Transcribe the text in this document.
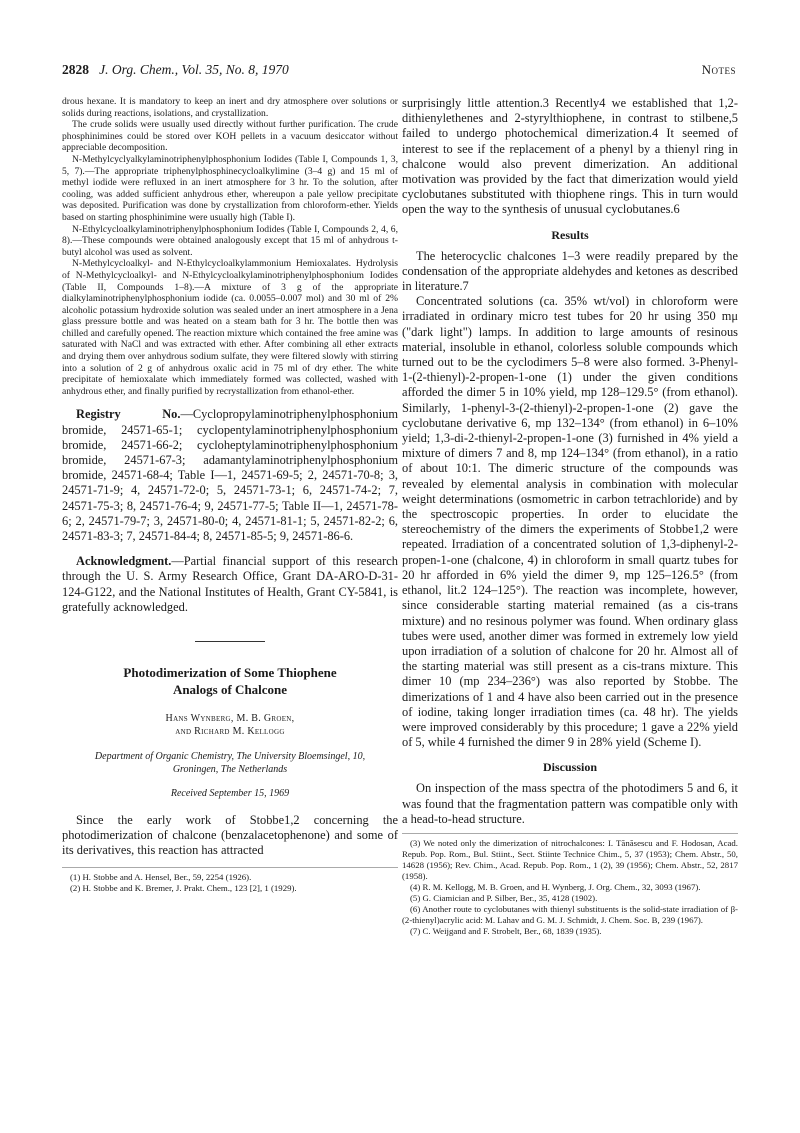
2828 J. Org. Chem., Vol. 35, No. 8, 1970	Notes

drous hexane. It is mandatory to keep an inert and dry atmosphere over solutions or solids during reactions, isolations, and crystallization.

The crude solids were usually used directly without further purification. The crude phosphinimines could be stored over KOH pellets in a vacuum desiccator without appreciable decomposition.

N-Methylcyclyalkylaminotriphenylphosphonium Iodides (Table I, Compounds 1, 3, 5, 7).—The appropriate triphenylphosphinecycloalkylimine (3–4 g) and 15 ml of methyl iodide were refluxed in an inert atmosphere for 3 hr. To the solution, after cooling, was added sufficient anhydrous ether, whereupon a pale yellow precipitate was deposited. Purification was done by crystallization from chloroform-ether. Yields based on starting phosphinimine were usually high (Table I).

N-Ethylcycloalkylaminotriphenylphosphonium Iodides (Table I, Compounds 2, 4, 6, 8).—These compounds were obtained analogously except that 15 ml of anhydrous t-butyl alcohol was used as solvent.

N-Methylcycloalkyl- and N-Ethylcycloalkylammonium Hemioxalates. Hydrolysis of N-Methylcycloalkyl- and N-Ethylcycloalkylaminotriphenylphosphonium Iodides (Table II, Compounds 1–8).—A mixture of 3 g of the appropriate dialkylaminotriphenylphosphonium iodide (ca. 0.0055–0.007 mol) and 30 ml of 2% alcoholic potassium hydroxide solution was sealed under an inert atmosphere in a Jena glass pressure bottle and was heated on a steam bath for 3 hr. The bottle then was chilled and carefully opened. The reaction mixture which contained the free amine was saturated with NaCl and was extracted with ether. After combining all ether extracts and drying them over anhydrous sodium sulfate, they were filtered slowly with stirring into a solution of 2 g of anhydrous oxalic acid in 75 ml of dry ether. The white precipitate of hemioxalate which immediately formed was collected, washed with anhydrous ether, and finally purified by recrystallization from ethanol-ether.

Registry No.—Cyclopropylaminotriphenylphosphonium bromide, 24571-65-1; cyclopentylaminotriphenylphosphonium bromide, 24571-66-2; cycloheptylaminotriphenylphosphonium bromide, 24571-67-3; adamantylaminotriphenylphosphonium bromide, 24571-68-4; Table I—1, 24571-69-5; 2, 24571-70-8; 3, 24571-71-9; 4, 24571-72-0; 5, 24571-73-1; 6, 24571-74-2; 7, 24571-75-3; 8, 24571-76-4; 9, 24571-77-5; Table II—1, 24571-78-6; 2, 24571-79-7; 3, 24571-80-0; 4, 24571-81-1; 5, 24571-82-2; 6, 24571-83-3; 7, 24571-84-4; 8, 24571-85-5; 9, 24571-86-6.

Acknowledgment.—Partial financial support of this research through the U. S. Army Research Office, Grant DA-ARO-D-31-124-G122, and the National Institutes of Health, Grant CY-5841, is gratefully acknowledged.

Photodimerization of Some Thiophene Analogs of Chalcone
Hans Wynberg, M. B. Groen,
and Richard M. Kellogg
Department of Organic Chemistry, The University Bloemsingel, 10, Groningen, The Netherlands
Received September 15, 1969

Since the early work of Stobbe1,2 concerning the photodimerization of chalcone (benzalacetophenone) and some of its derivatives, this reaction has attracted

(1) H. Stobbe and A. Hensel, Ber., 59, 2254 (1926).

(2) H. Stobbe and K. Bremer, J. Prakt. Chem., 123 [2], 1 (1929).

surprisingly little attention.3 Recently4 we established that 1,2-dithienylethenes and 2-styrylthiophene, in contrast to stilbene,5 failed to undergo photochemical dimerization.4 It seemed of interest to see if the replacement of a phenyl by a thienyl ring in chalcone would also prevent dimerization. An additional motivation was provided by the fact that dimerization would yield cyclobutanes substituted with thiophene rings. This in turn would open the way to the synthesis of unusual cyclobutanes.6

Results

The heterocyclic chalcones 1–3 were readily prepared by the condensation of the appropriate aldehydes and ketones as described in literature.7

Concentrated solutions (ca. 35% wt/vol) in chloroform were irradiated in ordinary micro test tubes for 20 hr using 350 mμ ("dark light") lamps. In addition to large amounts of resinous material, insoluble in ethanol, colorless soluble compounds which turned out to be the cyclodimers 5–8 were also formed. 3-Phenyl-1-(2-thienyl)-2-propen-1-one (1) under the given conditions afforded the dimer 5 in 10% yield, mp 128–129.5° (from ethanol). Similarly, 1-phenyl-3-(2-thienyl)-2-propen-1-one (2) gave the cyclobutane derivative 6, mp 132–134° (from ethanol) in 6–10% yield; 1,3-di-2-thienyl-2-propen-1-one (3) furnished in 4% yield a mixture of dimers 7 and 8, mp 124–134° (from ethanol), in a ratio of about 10:1. The dimeric structure of the compounds was revealed by elemental analysis in combination with molecular weight determinations (osmometric in carbon tetrachloride) and by the spectroscopic properties. In order to elucidate the stereochemistry of the dimers the experiments of Stobbe1,2 were repeated. Irradiation of a concentrated solution of 1,3-diphenyl-2-propen-1-one (chalcone, 4) in chloroform in small quartz tubes for 20 hr afforded in 6% yield the dimer 9, mp 125–126.5° (from ethanol, lit.2 124–125°). The reaction was incomplete, however, since considerable starting material remained (as a cis-trans mixture) and no resinous polymer was found. When ordinary glass tubes were used, another dimer was formed in extremely low yield upon irradiation of a solution of chalcone for 20 hr. Almost all of the starting material was still present as a cis-trans mixture. This dimer 10 (mp 234–236°) was also reported by Stobbe. The dimerizations of 1 and 4 have also been carried out in the presence of iodine, taking longer irradiation times (ca. 48 hr). The yields were improved considerably by this procedure; 1 gave a 22% yield of 5, while 4 furnished the dimer 9 in 28% yield (Scheme I).

Discussion

On inspection of the mass spectra of the photodimers 5 and 6, it was found that the fragmentation pattern was compatible only with a head-to-head structure.

(3) We noted only the dimerization of nitrochalcones: I. Tănăsescu and F. Hodosan, Acad. Repub. Pop. Rom., Bul. Stiint., Sect. Stiinte Technice Chim., 5, 37 (1953); Chem. Abstr., 50, 14628 (1956); Rev. Chim., Acad. Repub. Pop. Rom., 1 (2), 39 (1956); Chem. Abstr., 52, 2817 (1958).

(4) R. M. Kellogg, M. B. Groen, and H. Wynberg, J. Org. Chem., 32, 3093 (1967).

(5) G. Ciamician and P. Silber, Ber., 35, 4128 (1902).

(6) Another route to cyclobutanes with thienyl substituents is the solid-state irradiation of β-(2-thienyl)acrylic acid: M. Lahav and G. M. J. Schmidt, J. Chem. Soc. B, 239 (1967).

(7) C. Weijgand and F. Strobelt, Ber., 68, 1839 (1935).
